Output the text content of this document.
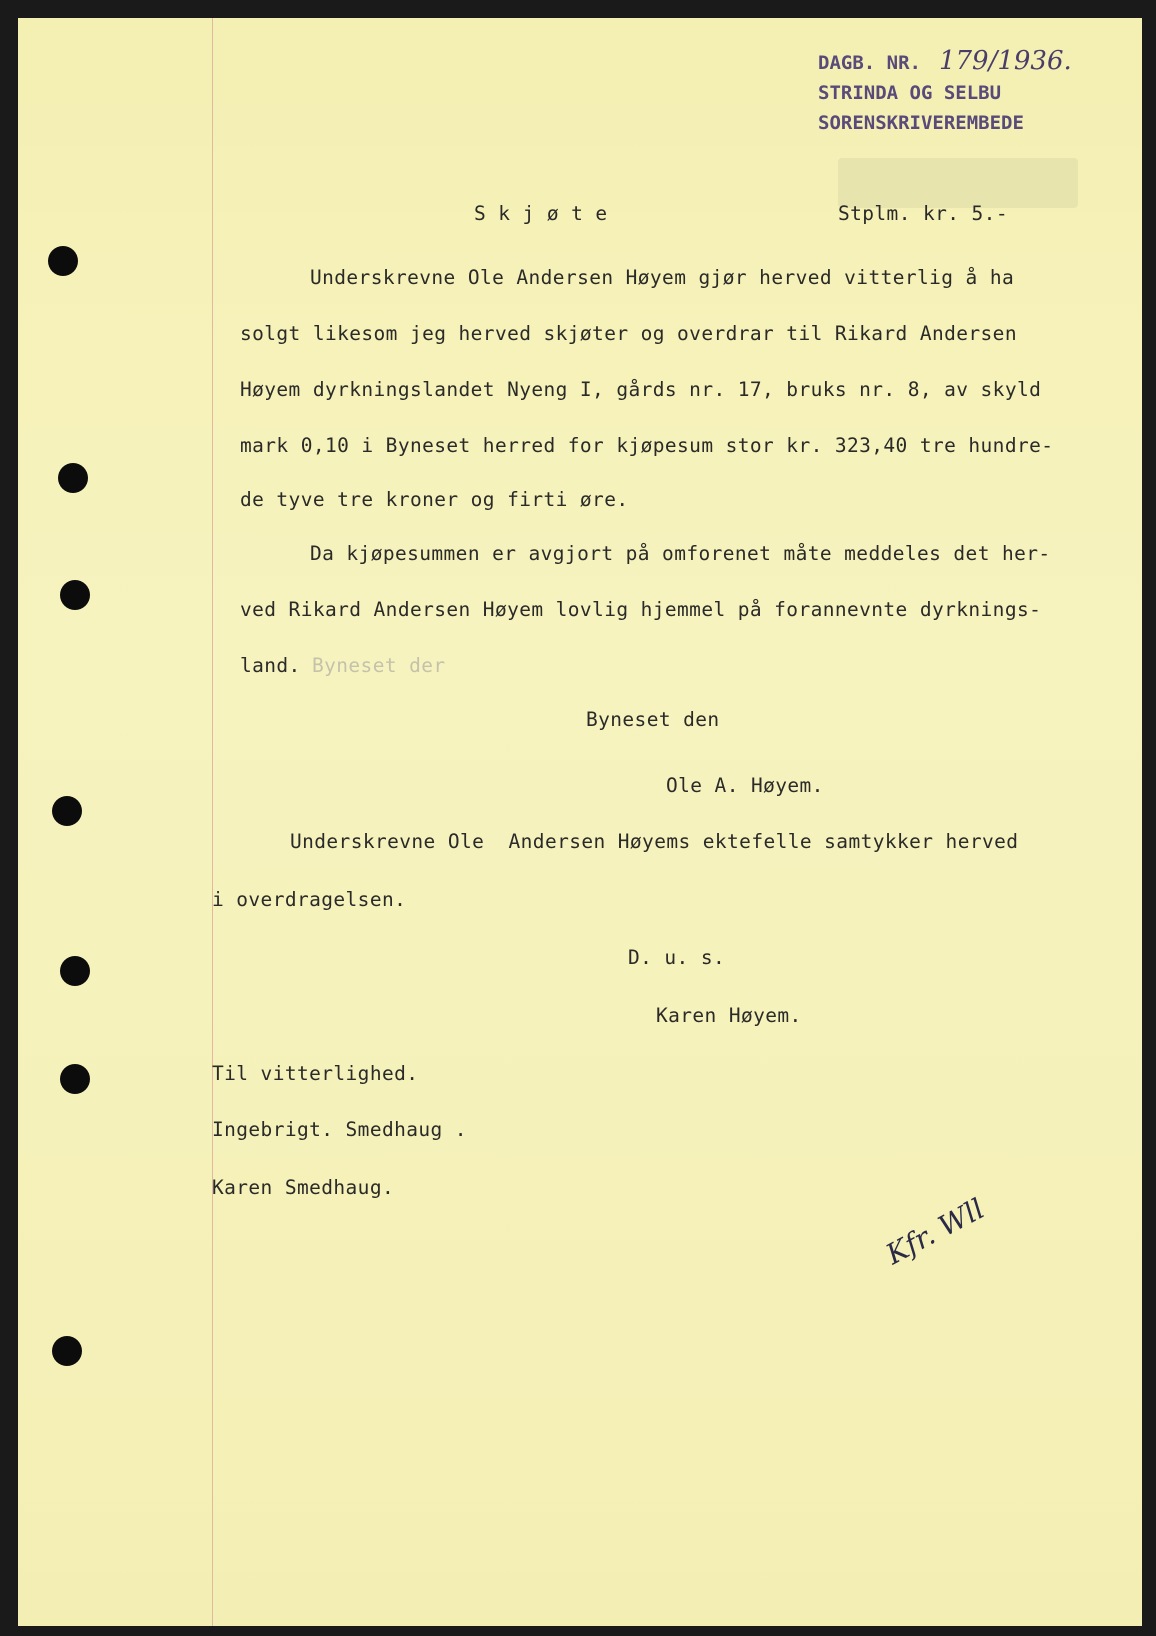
DAGB. NR. 179/1936.
STRINDA OG SELBU
SORENSKRIVEREMBEDE
S k j ø t e	Stplm. kr. 5.-
Underskrevne Ole Andersen Høyem gjør herved vitterlig å ha
solgt likesom jeg herved skjøter og overdrar til Rikard Andersen
Høyem dyrkningslandet Nyeng I, gårds nr. 17, bruks nr. 8, av skyld
mark 0,10 i Byneset herred for kjøpesum stor kr. 323,40 tre hundre-
de tyve tre kroner og firti øre.
Da kjøpesummen er avgjort på omforenet måte meddeles det her-
ved Rikard Andersen Høyem lovlig hjemmel på forannevnte dyrknings-
land. Byneset der
Byneset den
Ole A. Høyem.
Underskrevne Ole  Andersen Høyems ektefelle samtykker herved
i overdragelsen.
D. u. s.
Karen Høyem.
Til vitterlighed.
Ingebrigt. Smedhaug .
Karen Smedhaug.
Kfr. Wll
